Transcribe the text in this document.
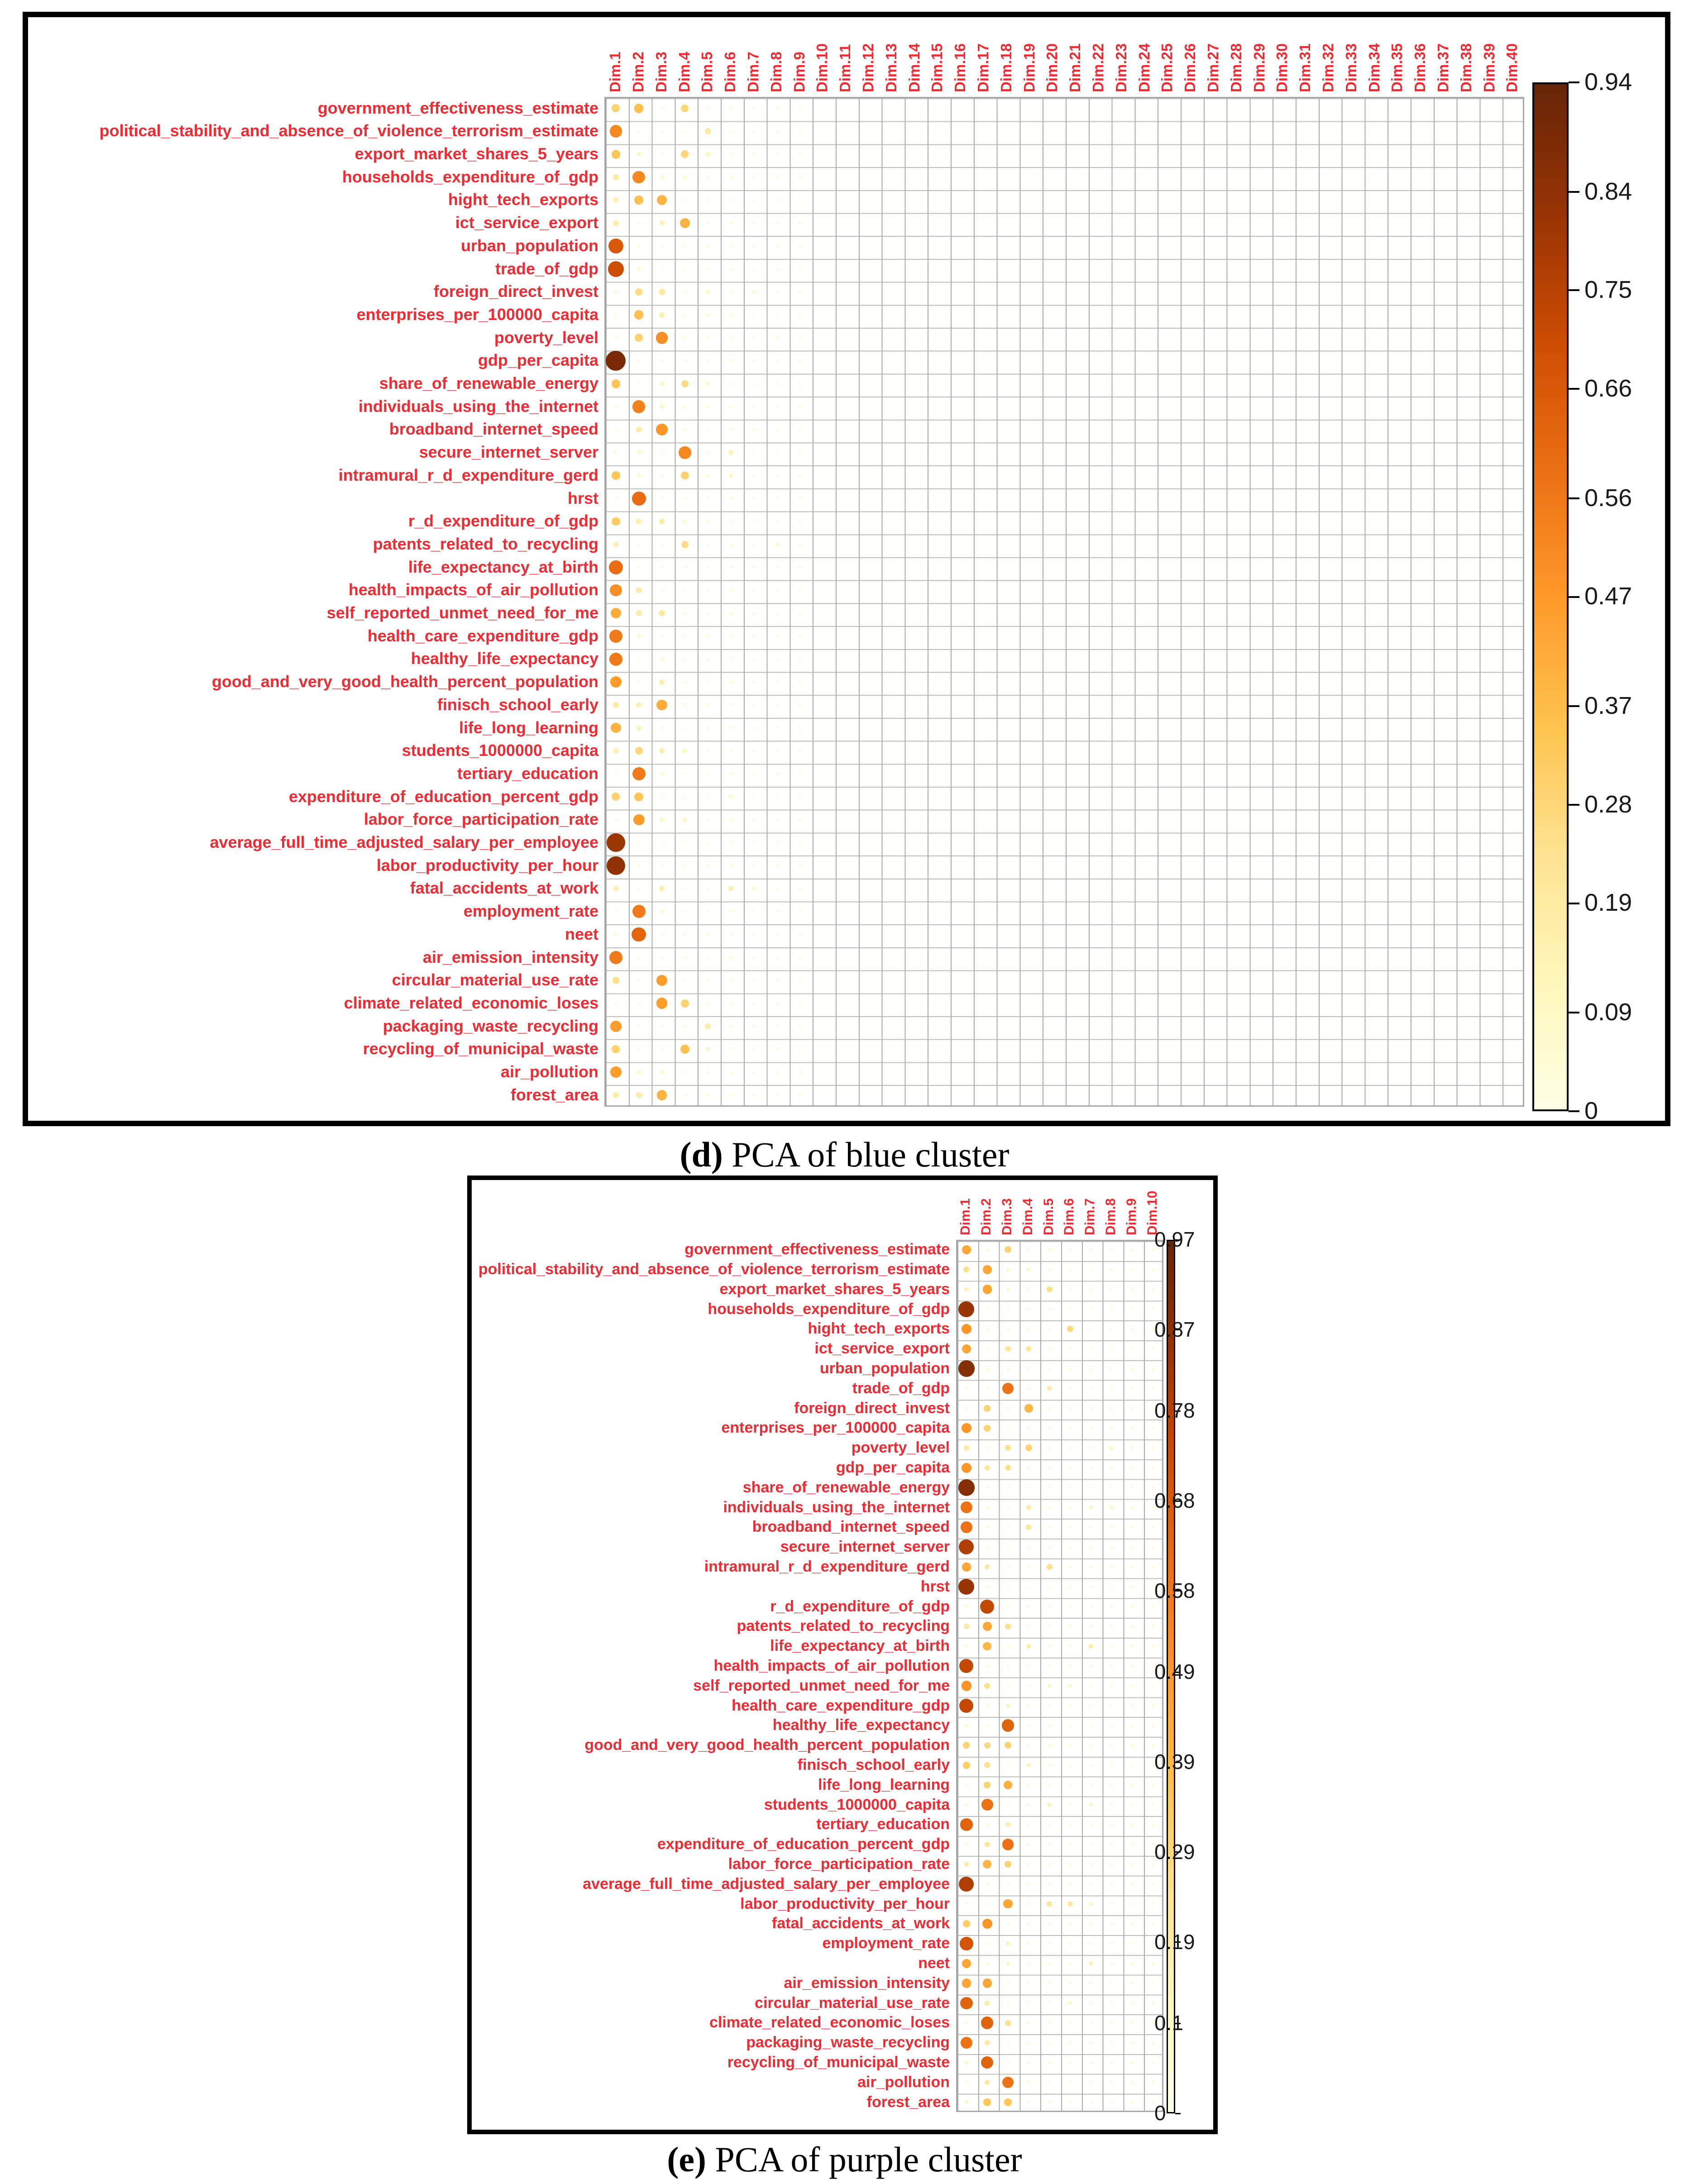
Dim.1 Dim.2 Dim.3 Dim.4 Dim.5 Dim.6 Dim.7 Dim.8 Dim.9 Dim.10 Dim.11 Dim.12 Dim.13 Dim.14 Dim.15 Dim.16 Dim.17 Dim.18 Dim.19 Dim.20 Dim.21 Dim.22 Dim.23 Dim.24 Dim.25 Dim.26 Dim.27 Dim.28 Dim.29 Dim.30 Dim.31 Dim.32 Dim.33 Dim.34 Dim.35 Dim.36 Dim.37 Dim.38 Dim.39 Dim.40
government_effectiveness_estimate
political_stability_and_absence_of_violence_terrorism_estimate
export_market_shares_5_years
households_expenditure_of_gdp
hight_tech_exports
ict_service_export
urban_population
trade_of_gdp
foreign_direct_invest
enterprises_per_100000_capita
poverty_level
gdp_per_capita
share_of_renewable_energy
individuals_using_the_internet
broadband_internet_speed
secure_internet_server
intramural_r_d_expenditure_gerd
hrst
r_d_expenditure_of_gdp
patents_related_to_recycling
life_expectancy_at_birth
health_impacts_of_air_pollution
self_reported_unmet_need_for_me
health_care_expenditure_gdp
healthy_life_expectancy
good_and_very_good_health_percent_population
finisch_school_early
life_long_learning
students_1000000_capita
tertiary_education
expenditure_of_education_percent_gdp
labor_force_participation_rate
average_full_time_adjusted_salary_per_employee
labor_productivity_per_hour
fatal_accidents_at_work
employment_rate
neet
air_emission_intensity
circular_material_use_rate
climate_related_economic_loses
packaging_waste_recycling
recycling_of_municipal_waste
air_pollution
forest_area
0.94
0.84
0.75
0.66
0.56
0.47
0.37
0.28
0.19
0.09
0
(d) PCA of blue cluster
Dim.1 Dim.2 Dim.3 Dim.4 Dim.5 Dim.6 Dim.7 Dim.8 Dim.9 Dim.10
government_effectiveness_estimate
political_stability_and_absence_of_violence_terrorism_estimate
export_market_shares_5_years
households_expenditure_of_gdp
hight_tech_exports
ict_service_export
urban_population
trade_of_gdp
foreign_direct_invest
enterprises_per_100000_capita
poverty_level
gdp_per_capita
share_of_renewable_energy
individuals_using_the_internet
broadband_internet_speed
secure_internet_server
intramural_r_d_expenditure_gerd
hrst
r_d_expenditure_of_gdp
patents_related_to_recycling
life_expectancy_at_birth
health_impacts_of_air_pollution
self_reported_unmet_need_for_me
health_care_expenditure_gdp
healthy_life_expectancy
good_and_very_good_health_percent_population
finisch_school_early
life_long_learning
students_1000000_capita
tertiary_education
expenditure_of_education_percent_gdp
labor_force_participation_rate
average_full_time_adjusted_salary_per_employee
labor_productivity_per_hour
fatal_accidents_at_work
employment_rate
neet
air_emission_intensity
circular_material_use_rate
climate_related_economic_loses
packaging_waste_recycling
recycling_of_municipal_waste
air_pollution
forest_area
0.97
0.87
0.78
0.68
0.58
0.49
0.39
0.29
0.19
0.1
0
(e) PCA of purple cluster
